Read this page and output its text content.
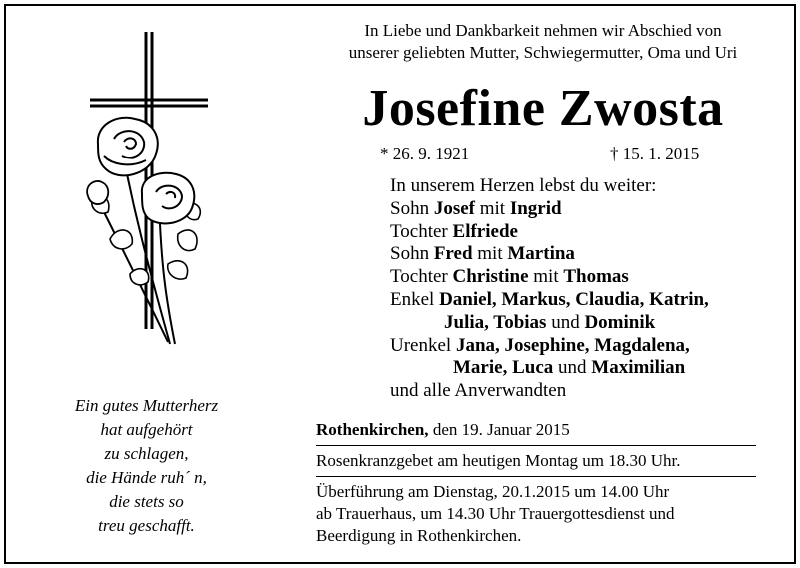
Ein gutes Mutterherz
hat aufgehört
zu schlagen,
die Hände ruh´ n,
die stets so
treu geschafft.
In Liebe und Dankbarkeit nehmen wir Abschied von
unserer geliebten Mutter, Schwiegermutter, Oma und Uri
Josefine Zwosta
* 26. 9. 1921	† 15. 1. 2015
In unserem Herzen lebst du weiter:
Sohn Josef mit Ingrid
Tochter Elfriede
Sohn Fred mit Martina
Tochter Christine mit Thomas
Enkel Daniel, Markus, Claudia, Katrin,
Julia, Tobias und Dominik
Urenkel Jana, Josephine, Magdalena,
Marie, Luca und Maximilian
und alle Anverwandten
Rothenkirchen, den 19. Januar 2015
Rosenkranzgebet am heutigen Montag um 18.30 Uhr.
Überführung am Dienstag, 20.1.2015 um 14.00 Uhr
ab Trauerhaus, um 14.30 Uhr Trauergottesdienst und
Beerdigung in Rothenkirchen.
